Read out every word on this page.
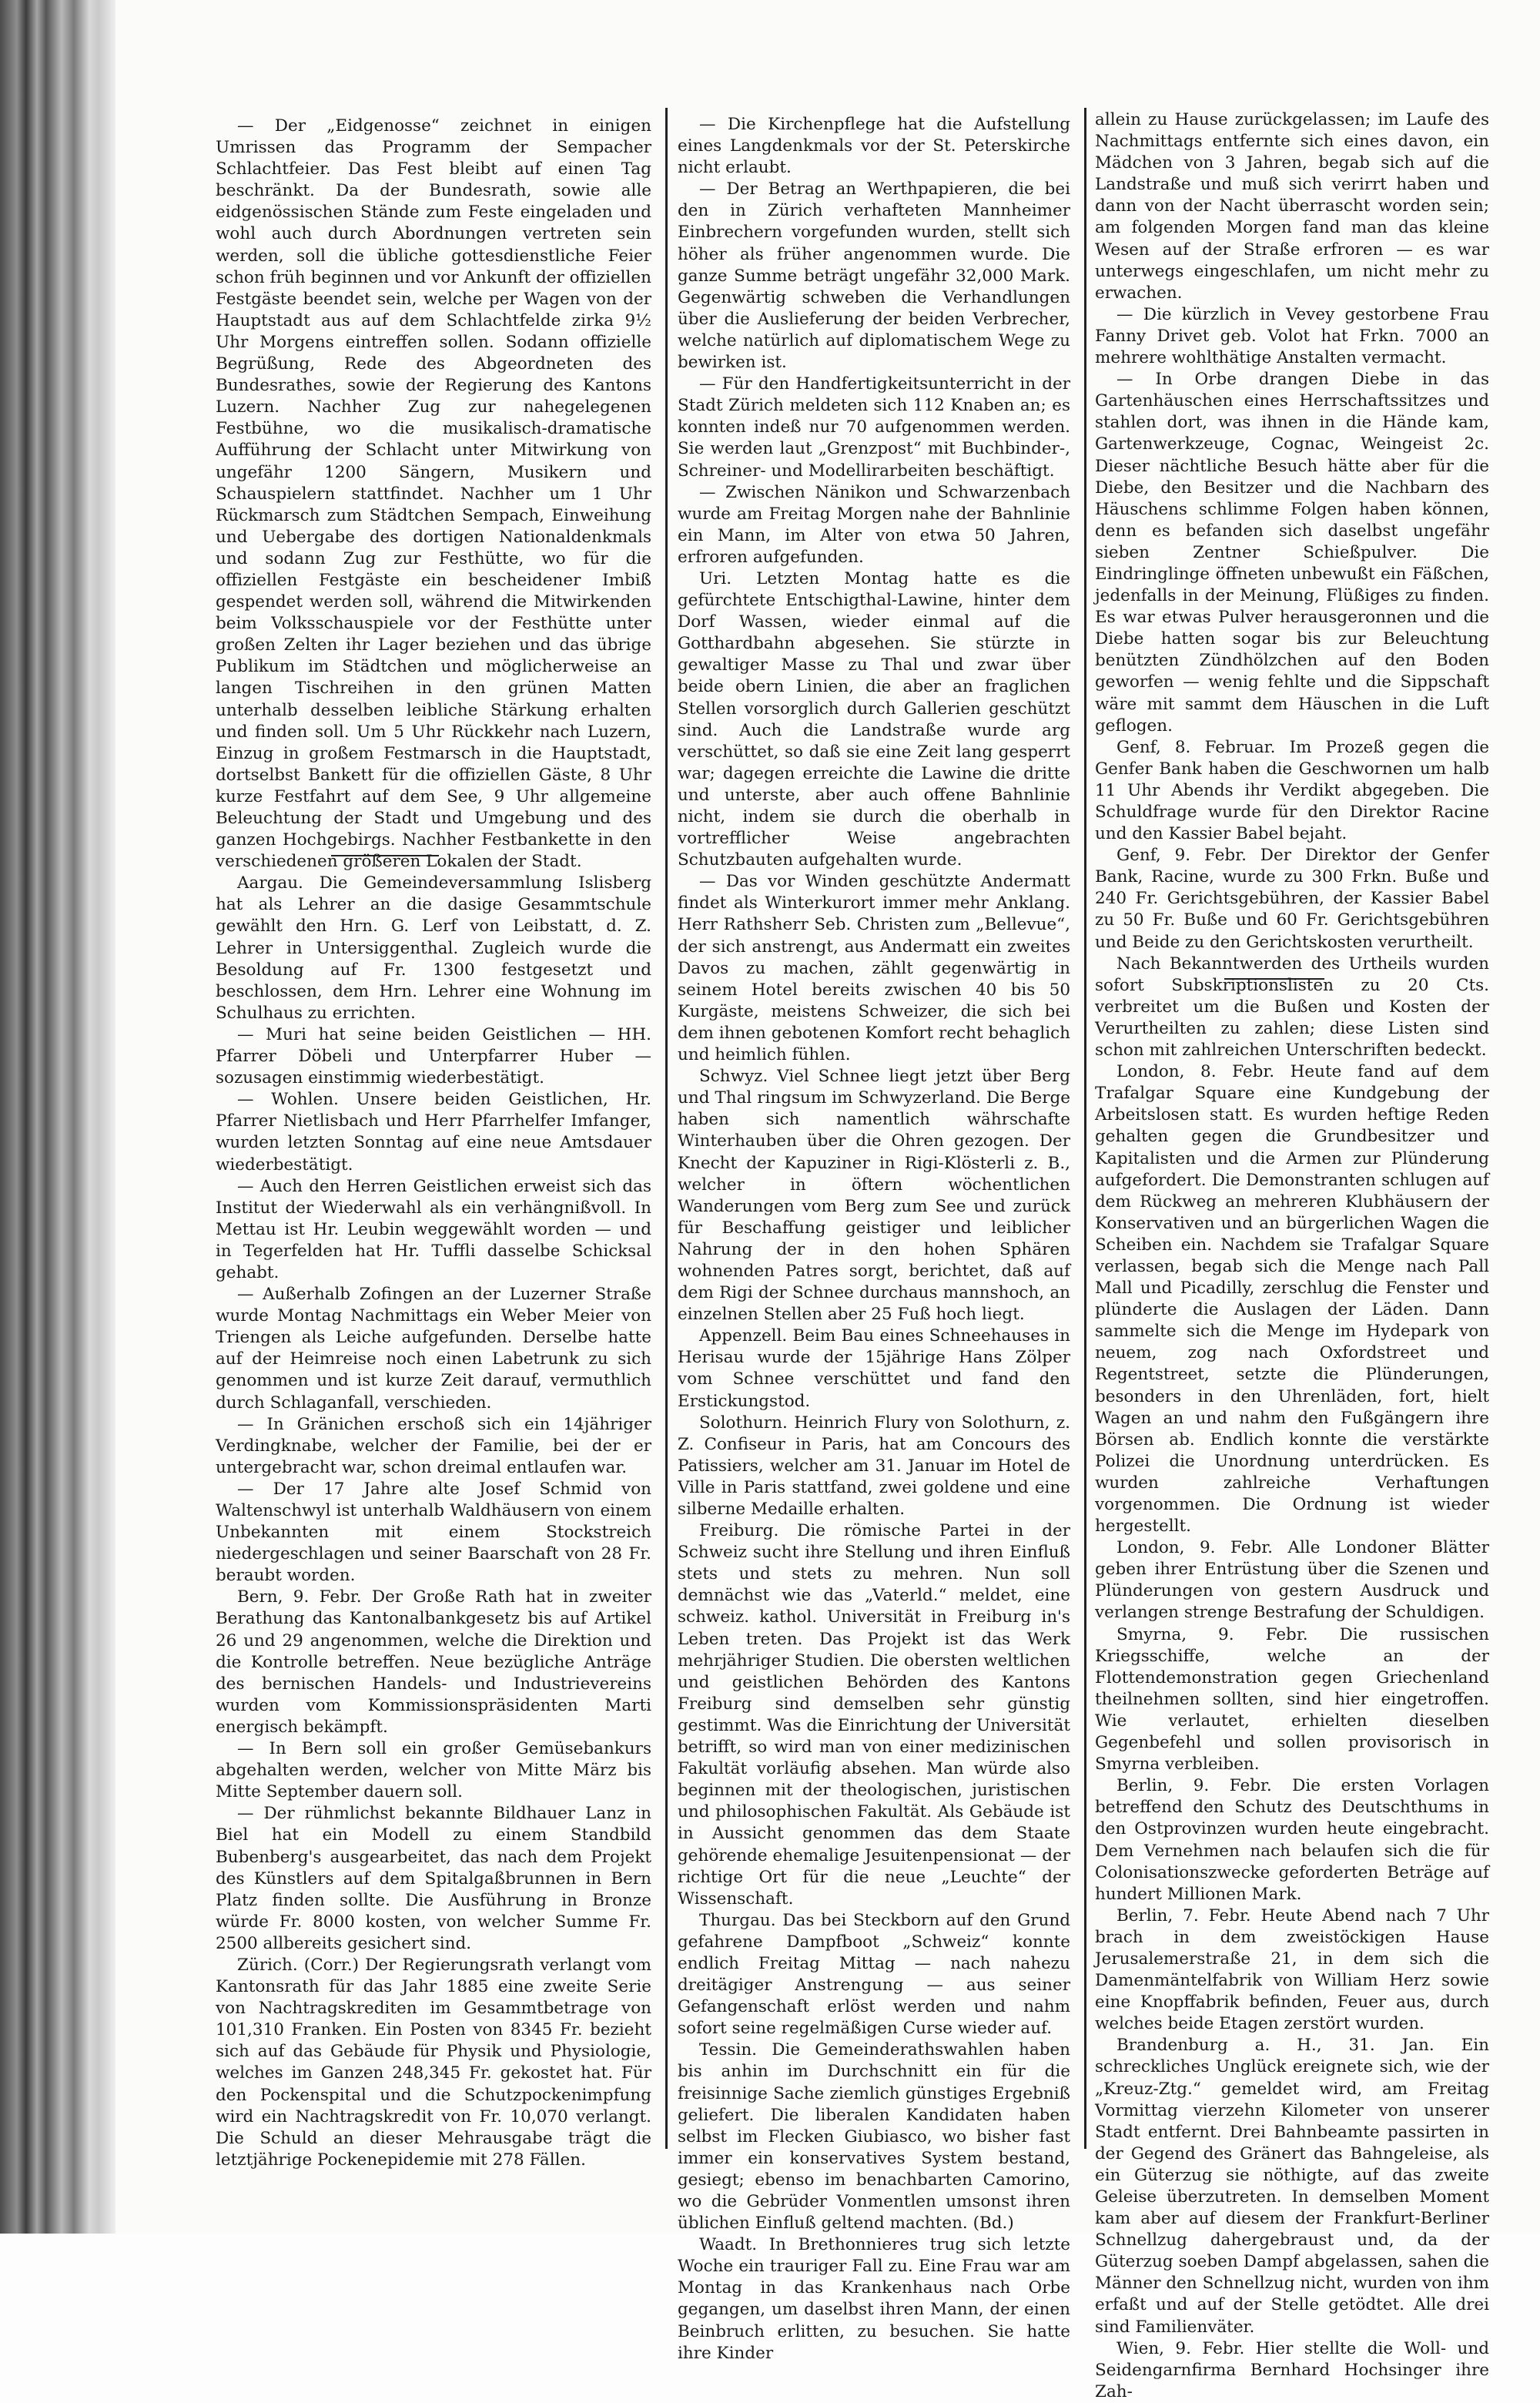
— Der „Eidgenosse“ zeichnet in einigen Umrissen das Programm der Sempacher Schlachtfeier. Das Fest bleibt auf einen Tag beschränkt. Da der Bundesrath, sowie alle eidgenössischen Stände zum Feste eingeladen und wohl auch durch Abordnungen vertreten sein werden, soll die übliche gottesdienstliche Feier schon früh beginnen und vor Ankunft der offiziellen Festgäste beendet sein, welche per Wagen von der Hauptstadt aus auf dem Schlachtfelde zirka 9½ Uhr Morgens eintreffen sollen. Sodann offizielle Begrüßung, Rede des Abgeordneten des Bundesrathes, sowie der Regierung des Kantons Luzern. Nachher Zug zur nahegelegenen Festbühne, wo die musikalisch-dramatische Aufführung der Schlacht unter Mitwirkung von ungefähr 1200 Sängern, Musikern und Schauspielern stattfindet. Nachher um 1 Uhr Rückmarsch zum Städtchen Sempach, Einweihung und Uebergabe des dortigen Nationaldenkmals und sodann Zug zur Festhütte, wo für die offiziellen Festgäste ein bescheidener Imbiß gespendet werden soll, während die Mitwirkenden beim Volksschauspiele vor der Festhütte unter großen Zelten ihr Lager beziehen und das übrige Publikum im Städtchen und möglicherweise an langen Tischreihen in den grünen Matten unterhalb desselben leibliche Stärkung erhalten und finden soll. Um 5 Uhr Rückkehr nach Luzern, Einzug in großem Festmarsch in die Hauptstadt, dortselbst Bankett für die offiziellen Gäste, 8 Uhr kurze Festfahrt auf dem See, 9 Uhr allgemeine Beleuchtung der Stadt und Umgebung und des ganzen Hochgebirgs. Nachher Festbankette in den verschiedenen größeren Lokalen der Stadt.

Aargau. Die Gemeindeversammlung Islisberg hat als Lehrer an die dasige Gesammtschule gewählt den Hrn. G. Lerf von Leibstatt, d. Z. Lehrer in Untersiggenthal. Zugleich wurde die Besoldung auf Fr. 1300 festgesetzt und beschlossen, dem Hrn. Lehrer eine Wohnung im Schulhaus zu errichten.

— Muri hat seine beiden Geistlichen — HH. Pfarrer Döbeli und Unterpfarrer Huber — sozusagen einstimmig wiederbestätigt.

— Wohlen. Unsere beiden Geistlichen, Hr. Pfarrer Nietlisbach und Herr Pfarrhelfer Imfanger, wurden letzten Sonntag auf eine neue Amtsdauer wiederbestätigt.

— Auch den Herren Geistlichen erweist sich das Institut der Wiederwahl als ein verhängnißvoll. In Mettau ist Hr. Leubin weggewählt worden — und in Tegerfelden hat Hr. Tuffli dasselbe Schicksal gehabt.

— Außerhalb Zofingen an der Luzerner Straße wurde Montag Nachmittags ein Weber Meier von Triengen als Leiche aufgefunden. Derselbe hatte auf der Heimreise noch einen Labetrunk zu sich genommen und ist kurze Zeit darauf, vermuthlich durch Schlaganfall, verschieden.

— In Gränichen erschoß sich ein 14jähriger Verdingknabe, welcher der Familie, bei der er untergebracht war, schon dreimal entlaufen war.

— Der 17 Jahre alte Josef Schmid von Waltenschwyl ist unterhalb Waldhäusern von einem Unbekannten mit einem Stockstreich niedergeschlagen und seiner Baarschaft von 28 Fr. beraubt worden.

Bern, 9. Febr. Der Große Rath hat in zweiter Berathung das Kantonalbankgesetz bis auf Artikel 26 und 29 angenommen, welche die Direktion und die Kontrolle betreffen. Neue bezügliche Anträge des bernischen Handels- und Industrievereins wurden vom Kommissionspräsidenten Marti energisch bekämpft.

— In Bern soll ein großer Gemüsebankurs abgehalten werden, welcher von Mitte März bis Mitte September dauern soll.

— Der rühmlichst bekannte Bildhauer Lanz in Biel hat ein Modell zu einem Standbild Bubenberg's ausgearbeitet, das nach dem Projekt des Künstlers auf dem Spitalgaßbrunnen in Bern Platz finden sollte. Die Ausführung in Bronze würde Fr. 8000 kosten, von welcher Summe Fr. 2500 allbereits gesichert sind.

Zürich. (Corr.) Der Regierungsrath verlangt vom Kantonsrath für das Jahr 1885 eine zweite Serie von Nachtragskrediten im Gesammtbetrage von 101,310 Franken. Ein Posten von 8345 Fr. bezieht sich auf das Gebäude für Physik und Physiologie, welches im Ganzen 248,345 Fr. gekostet hat. Für den Pockenspital und die Schutzpockenimpfung wird ein Nachtragskredit von Fr. 10,070 verlangt. Die Schuld an dieser Mehrausgabe trägt die letztjährige Pockenepidemie mit 278 Fällen.

— Die Kirchenpflege hat die Aufstellung eines Langdenkmals vor der St. Peterskirche nicht erlaubt.

— Der Betrag an Werthpapieren, die bei den in Zürich verhafteten Mannheimer Einbrechern vorgefunden wurden, stellt sich höher als früher angenommen wurde. Die ganze Summe beträgt ungefähr 32,000 Mark. Gegenwärtig schweben die Verhandlungen über die Auslieferung der beiden Verbrecher, welche natürlich auf diplomatischem Wege zu bewirken ist.

— Für den Handfertigkeitsunterricht in der Stadt Zürich meldeten sich 112 Knaben an; es konnten indeß nur 70 aufgenommen werden. Sie werden laut „Grenzpost“ mit Buchbinder-, Schreiner- und Modellirarbeiten beschäftigt.

— Zwischen Nänikon und Schwarzenbach wurde am Freitag Morgen nahe der Bahnlinie ein Mann, im Alter von etwa 50 Jahren, erfroren aufgefunden.

Uri. Letzten Montag hatte es die gefürchtete Entschigthal-Lawine, hinter dem Dorf Wassen, wieder einmal auf die Gotthardbahn abgesehen. Sie stürzte in gewaltiger Masse zu Thal und zwar über beide obern Linien, die aber an fraglichen Stellen vorsorglich durch Gallerien geschützt sind. Auch die Landstraße wurde arg verschüttet, so daß sie eine Zeit lang gesperrt war; dagegen erreichte die Lawine die dritte und unterste, aber auch offene Bahnlinie nicht, indem sie durch die oberhalb in vortrefflicher Weise angebrachten Schutzbauten aufgehalten wurde.

— Das vor Winden geschützte Andermatt findet als Winterkurort immer mehr Anklang. Herr Rathsherr Seb. Christen zum „Bellevue“, der sich anstrengt, aus Andermatt ein zweites Davos zu machen, zählt gegenwärtig in seinem Hotel bereits zwischen 40 bis 50 Kurgäste, meistens Schweizer, die sich bei dem ihnen gebotenen Komfort recht behaglich und heimlich fühlen.

Schwyz. Viel Schnee liegt jetzt über Berg und Thal ringsum im Schwyzerland. Die Berge haben sich namentlich währschafte Winterhauben über die Ohren gezogen. Der Knecht der Kapuziner in Rigi-Klösterli z. B., welcher in öftern wöchentlichen Wanderungen vom Berg zum See und zurück für Beschaffung geistiger und leiblicher Nahrung der in den hohen Sphären wohnenden Patres sorgt, berichtet, daß auf dem Rigi der Schnee durchaus mannshoch, an einzelnen Stellen aber 25 Fuß hoch liegt.

Appenzell. Beim Bau eines Schneehauses in Herisau wurde der 15jährige Hans Zölper vom Schnee verschüttet und fand den Erstickungstod.

Solothurn. Heinrich Flury von Solothurn, z. Z. Confiseur in Paris, hat am Concours des Patissiers, welcher am 31. Januar im Hotel de Ville in Paris stattfand, zwei goldene und eine silberne Medaille erhalten.

Freiburg. Die römische Partei in der Schweiz sucht ihre Stellung und ihren Einfluß stets und stets zu mehren. Nun soll demnächst wie das „Vaterld.“ meldet, eine schweiz. kathol. Universität in Freiburg in's Leben treten. Das Projekt ist das Werk mehrjähriger Studien. Die obersten weltlichen und geistlichen Behörden des Kantons Freiburg sind demselben sehr günstig gestimmt. Was die Einrichtung der Universität betrifft, so wird man von einer medizinischen Fakultät vorläufig absehen. Man würde also beginnen mit der theologischen, juristischen und philosophischen Fakultät. Als Gebäude ist in Aussicht genommen das dem Staate gehörende ehemalige Jesuitenpensionat — der richtige Ort für die neue „Leuchte“ der Wissenschaft.

Thurgau. Das bei Steckborn auf den Grund gefahrene Dampfboot „Schweiz“ konnte endlich Freitag Mittag — nach nahezu dreitägiger Anstrengung — aus seiner Gefangenschaft erlöst werden und nahm sofort seine regelmäßigen Curse wieder auf.

Tessin. Die Gemeinderathswahlen haben bis anhin im Durchschnitt ein für die freisinnige Sache ziemlich günstiges Ergebniß geliefert. Die liberalen Kandidaten haben selbst im Flecken Giubiasco, wo bisher fast immer ein konservatives System bestand, gesiegt; ebenso im benachbarten Camorino, wo die Gebrüder Vonmentlen umsonst ihren üblichen Einfluß geltend machten. (Bd.)

Waadt. In Brethonnieres trug sich letzte Woche ein trauriger Fall zu. Eine Frau war am Montag in das Krankenhaus nach Orbe gegangen, um daselbst ihren Mann, der einen Beinbruch erlitten, zu besuchen. Sie hatte ihre Kinder

allein zu Hause zurückgelassen; im Laufe des Nachmittags entfernte sich eines davon, ein Mädchen von 3 Jahren, begab sich auf die Landstraße und muß sich verirrt haben und dann von der Nacht überrascht worden sein; am folgenden Morgen fand man das kleine Wesen auf der Straße erfroren — es war unterwegs eingeschlafen, um nicht mehr zu erwachen.

— Die kürzlich in Vevey gestorbene Frau Fanny Drivet geb. Volot hat Frkn. 7000 an mehrere wohlthätige Anstalten vermacht.

— In Orbe drangen Diebe in das Gartenhäuschen eines Herrschaftssitzes und stahlen dort, was ihnen in die Hände kam, Gartenwerkzeuge, Cognac, Weingeist 2c. Dieser nächtliche Besuch hätte aber für die Diebe, den Besitzer und die Nachbarn des Häuschens schlimme Folgen haben können, denn es befanden sich daselbst ungefähr sieben Zentner Schießpulver. Die Eindringlinge öffneten unbewußt ein Fäßchen, jedenfalls in der Meinung, Flüßiges zu finden. Es war etwas Pulver herausgeronnen und die Diebe hatten sogar bis zur Beleuchtung benützten Zündhölzchen auf den Boden geworfen — wenig fehlte und die Sippschaft wäre mit sammt dem Häuschen in die Luft geflogen.

Genf, 8. Februar. Im Prozeß gegen die Genfer Bank haben die Geschwornen um halb 11 Uhr Abends ihr Verdikt abgegeben. Die Schuldfrage wurde für den Direktor Racine und den Kassier Babel bejaht.

Genf, 9. Febr. Der Direktor der Genfer Bank, Racine, wurde zu 300 Frkn. Buße und 240 Fr. Gerichtsgebühren, der Kassier Babel zu 50 Fr. Buße und 60 Fr. Gerichtsgebühren und Beide zu den Gerichtskosten verurtheilt.

Nach Bekanntwerden des Urtheils wurden sofort Subskriptionslisten zu 20 Cts. verbreitet um die Bußen und Kosten der Verurtheilten zu zahlen; diese Listen sind schon mit zahlreichen Unterschriften bedeckt.

London, 8. Febr. Heute fand auf dem Trafalgar Square eine Kundgebung der Arbeitslosen statt. Es wurden heftige Reden gehalten gegen die Grundbesitzer und Kapitalisten und die Armen zur Plünderung aufgefordert. Die Demonstranten schlugen auf dem Rückweg an mehreren Klubhäusern der Konservativen und an bürgerlichen Wagen die Scheiben ein. Nachdem sie Trafalgar Square verlassen, begab sich die Menge nach Pall Mall und Picadilly, zerschlug die Fenster und plünderte die Auslagen der Läden. Dann sammelte sich die Menge im Hydepark von neuem, zog nach Oxfordstreet und Regentstreet, setzte die Plünderungen, besonders in den Uhrenläden, fort, hielt Wagen an und nahm den Fußgängern ihre Börsen ab. Endlich konnte die verstärkte Polizei die Unordnung unterdrücken. Es wurden zahlreiche Verhaftungen vorgenommen. Die Ordnung ist wieder hergestellt.

London, 9. Febr. Alle Londoner Blätter geben ihrer Entrüstung über die Szenen und Plünderungen von gestern Ausdruck und verlangen strenge Bestrafung der Schuldigen.

Smyrna, 9. Febr. Die russischen Kriegsschiffe, welche an der Flottendemonstration gegen Griechenland theilnehmen sollten, sind hier eingetroffen. Wie verlautet, erhielten dieselben Gegenbefehl und sollen provisorisch in Smyrna verbleiben.

Berlin, 9. Febr. Die ersten Vorlagen betreffend den Schutz des Deutschthums in den Ostprovinzen wurden heute eingebracht. Dem Vernehmen nach belaufen sich die für Colonisationszwecke geforderten Beträge auf hundert Millionen Mark.

Berlin, 7. Febr. Heute Abend nach 7 Uhr brach in dem zweistöckigen Hause Jerusalemerstraße 21, in dem sich die Damenmäntelfabrik von William Herz sowie eine Knopffabrik befinden, Feuer aus, durch welches beide Etagen zerstört wurden.

Brandenburg a. H., 31. Jan. Ein schreckliches Unglück ereignete sich, wie der „Kreuz-Ztg.“ gemeldet wird, am Freitag Vormittag vierzehn Kilometer von unserer Stadt entfernt. Drei Bahnbeamte passirten in der Gegend des Gränert das Bahngeleise, als ein Güterzug sie nöthigte, auf das zweite Geleise überzutreten. In demselben Moment kam aber auf diesem der Frankfurt-Berliner Schnellzug dahergebraust und, da der Güterzug soeben Dampf abgelassen, sahen die Männer den Schnellzug nicht, wurden von ihm erfaßt und auf der Stelle getödtet. Alle drei sind Familienväter.

Wien, 9. Febr. Hier stellte die Woll- und Seidengarnfirma Bernhard Hochsinger ihre Zah-
